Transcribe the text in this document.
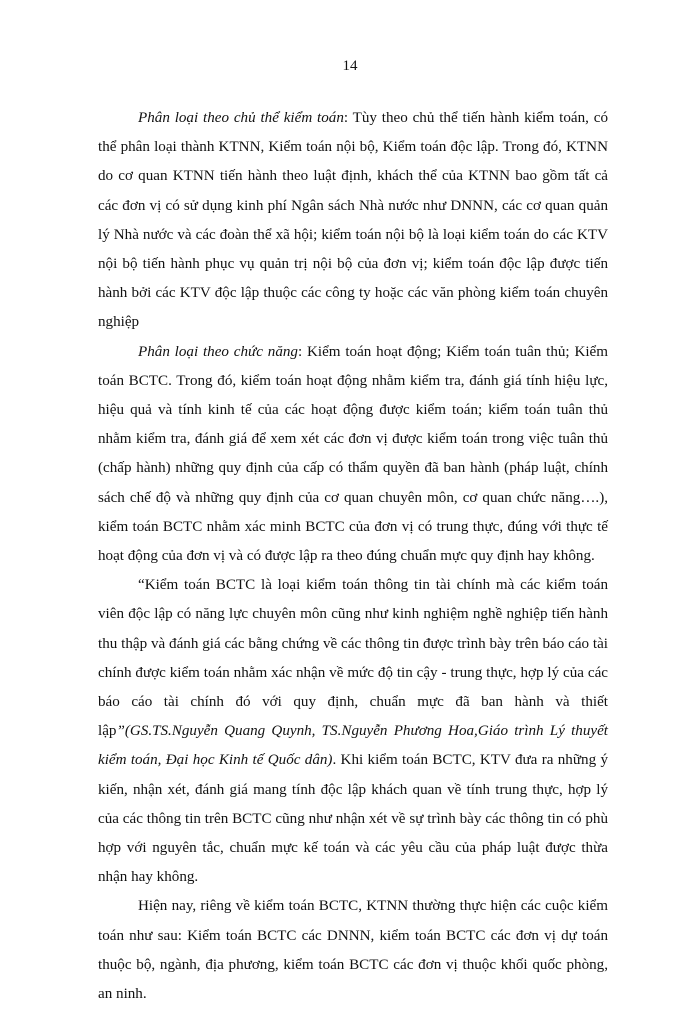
14

Phân loại theo chủ thể kiểm toán: Tùy theo chủ thể tiến hành kiểm toán, có thể phân loại thành KTNN, Kiểm toán nội bộ, Kiểm toán độc lập. Trong đó, KTNN do cơ quan KTNN tiến hành theo luật định, khách thể của KTNN bao gồm tất cả các đơn vị có sử dụng kinh phí Ngân sách Nhà nước như DNNN, các cơ quan quản lý Nhà nước và các đoàn thể xã hội; kiểm toán nội bộ là loại kiểm toán do các KTV nội bộ tiến hành phục vụ quản trị nội bộ của đơn vị; kiểm toán độc lập được tiến hành bởi các KTV độc lập thuộc các công ty hoặc các văn phòng kiểm toán chuyên nghiệp

Phân loại theo chức năng: Kiểm toán hoạt động; Kiểm toán tuân thủ; Kiểm toán BCTC. Trong đó, kiểm toán hoạt động nhằm kiểm tra, đánh giá tính hiệu lực, hiệu quả và tính kinh tế của các hoạt động được kiểm toán; kiểm toán tuân thủ nhằm kiểm tra, đánh giá để xem xét các đơn vị được kiểm toán trong việc tuân thủ (chấp hành) những quy định của cấp có thẩm quyền đã ban hành (pháp luật, chính sách chế độ và những quy định của cơ quan chuyên môn, cơ quan chức năng….), kiểm toán BCTC nhằm xác minh BCTC của đơn vị có trung thực, đúng với thực tế hoạt động của đơn vị và có được lập ra theo đúng chuẩn mực quy định hay không.

“Kiểm toán BCTC là loại kiểm toán thông tin tài chính mà các kiểm toán viên độc lập có năng lực chuyên môn cũng như kinh nghiệm nghề nghiệp tiến hành thu thập và đánh giá các bằng chứng về các thông tin được trình bày trên báo cáo tài chính được kiểm toán nhằm xác nhận về mức độ tin cậy - trung thực, hợp lý của các báo cáo tài chính đó với quy định, chuẩn mực đã ban hành và thiết lập”(GS.TS.Nguyễn Quang Quynh, TS.Nguyễn Phương Hoa,Giáo trình Lý thuyết kiểm toán, Đại học Kinh tế Quốc dân). Khi kiểm toán BCTC, KTV đưa ra những ý kiến, nhận xét, đánh giá mang tính độc lập khách quan về tính trung thực, hợp lý của các thông tin trên BCTC cũng như nhận xét về sự trình bày các thông tin có phù hợp với nguyên tắc, chuẩn mực kế toán và các yêu cầu của pháp luật được thừa nhận hay không.

Hiện nay, riêng về kiểm toán BCTC, KTNN thường thực hiện các cuộc kiểm toán như sau: Kiểm toán BCTC các DNNN, kiểm toán BCTC các đơn vị dự toán thuộc bộ, ngành, địa phương, kiểm toán BCTC các đơn vị thuộc khối quốc phòng, an ninh.
